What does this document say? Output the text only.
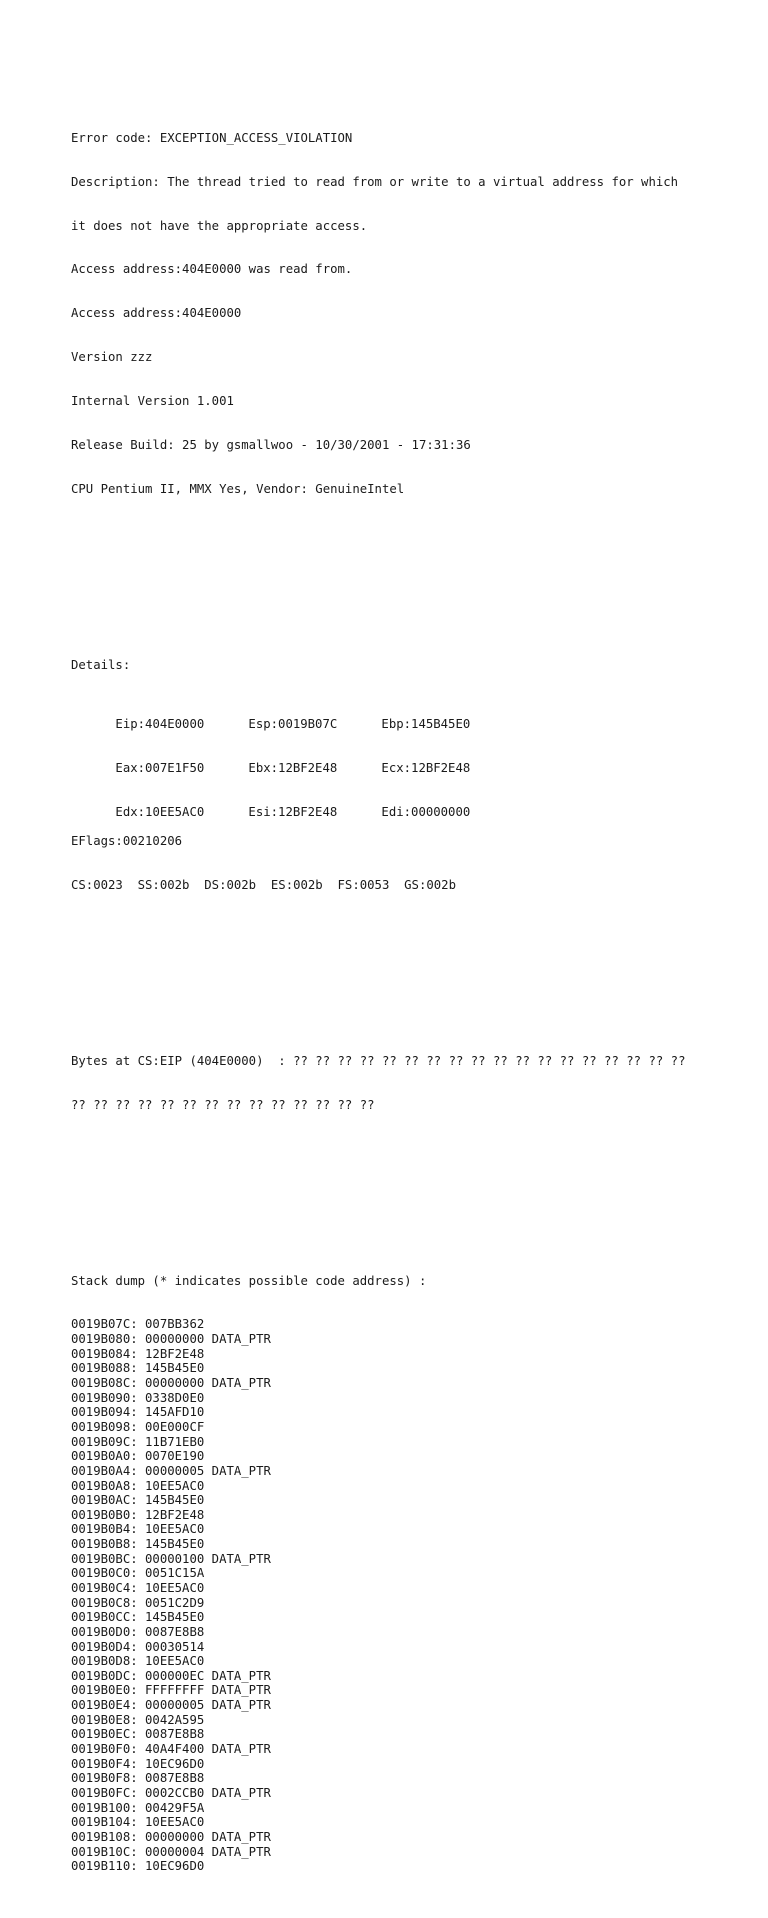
Error code: EXCEPTION_ACCESS_VIOLATION

Description: The thread tried to read from or write to a virtual address for which

it does not have the appropriate access.

Access address:404E0000 was read from.

Access address:404E0000

Version zzz

Internal Version 1.001

Release Build: 25 by gsmallwoo - 10/30/2001 - 17:31:36

CPU Pentium II, MMX Yes, Vendor: GenuineIntel

Details:

Eip:404E0000	Esp:0019B07C	Ebp:145B45E0

Eax:007E1F50	Ebx:12BF2E48	Ecx:12BF2E48

Edx:10EE5AC0	Esi:12BF2E48	Edi:00000000

EFlags:00210206

CS:0023  SS:002b  DS:002b  ES:002b  FS:0053  GS:002b

Bytes at CS:EIP (404E0000)  : ?? ?? ?? ?? ?? ?? ?? ?? ?? ?? ?? ?? ?? ?? ?? ?? ?? ??

?? ?? ?? ?? ?? ?? ?? ?? ?? ?? ?? ?? ?? ??

Stack dump (* indicates possible code address) :

0019B07C: 007BB362
0019B080: 00000000 DATA_PTR
0019B084: 12BF2E48
0019B088: 145B45E0
0019B08C: 00000000 DATA_PTR
0019B090: 0338D0E0
0019B094: 145AFD10
0019B098: 00E000CF
0019B09C: 11B71EB0
0019B0A0: 0070E190
0019B0A4: 00000005 DATA_PTR
0019B0A8: 10EE5AC0
0019B0AC: 145B45E0
0019B0B0: 12BF2E48
0019B0B4: 10EE5AC0
0019B0B8: 145B45E0
0019B0BC: 00000100 DATA_PTR
0019B0C0: 0051C15A
0019B0C4: 10EE5AC0
0019B0C8: 0051C2D9
0019B0CC: 145B45E0
0019B0D0: 0087E8B8
0019B0D4: 00030514
0019B0D8: 10EE5AC0
0019B0DC: 000000EC DATA_PTR
0019B0E0: FFFFFFFF DATA_PTR
0019B0E4: 00000005 DATA_PTR
0019B0E8: 0042A595
0019B0EC: 0087E8B8
0019B0F0: 40A4F400 DATA_PTR
0019B0F4: 10EC96D0
0019B0F8: 0087E8B8
0019B0FC: 0002CCB0 DATA_PTR
0019B100: 00429F5A
0019B104: 10EE5AC0
0019B108: 00000000 DATA_PTR
0019B10C: 00000004 DATA_PTR
0019B110: 10EC96D0
